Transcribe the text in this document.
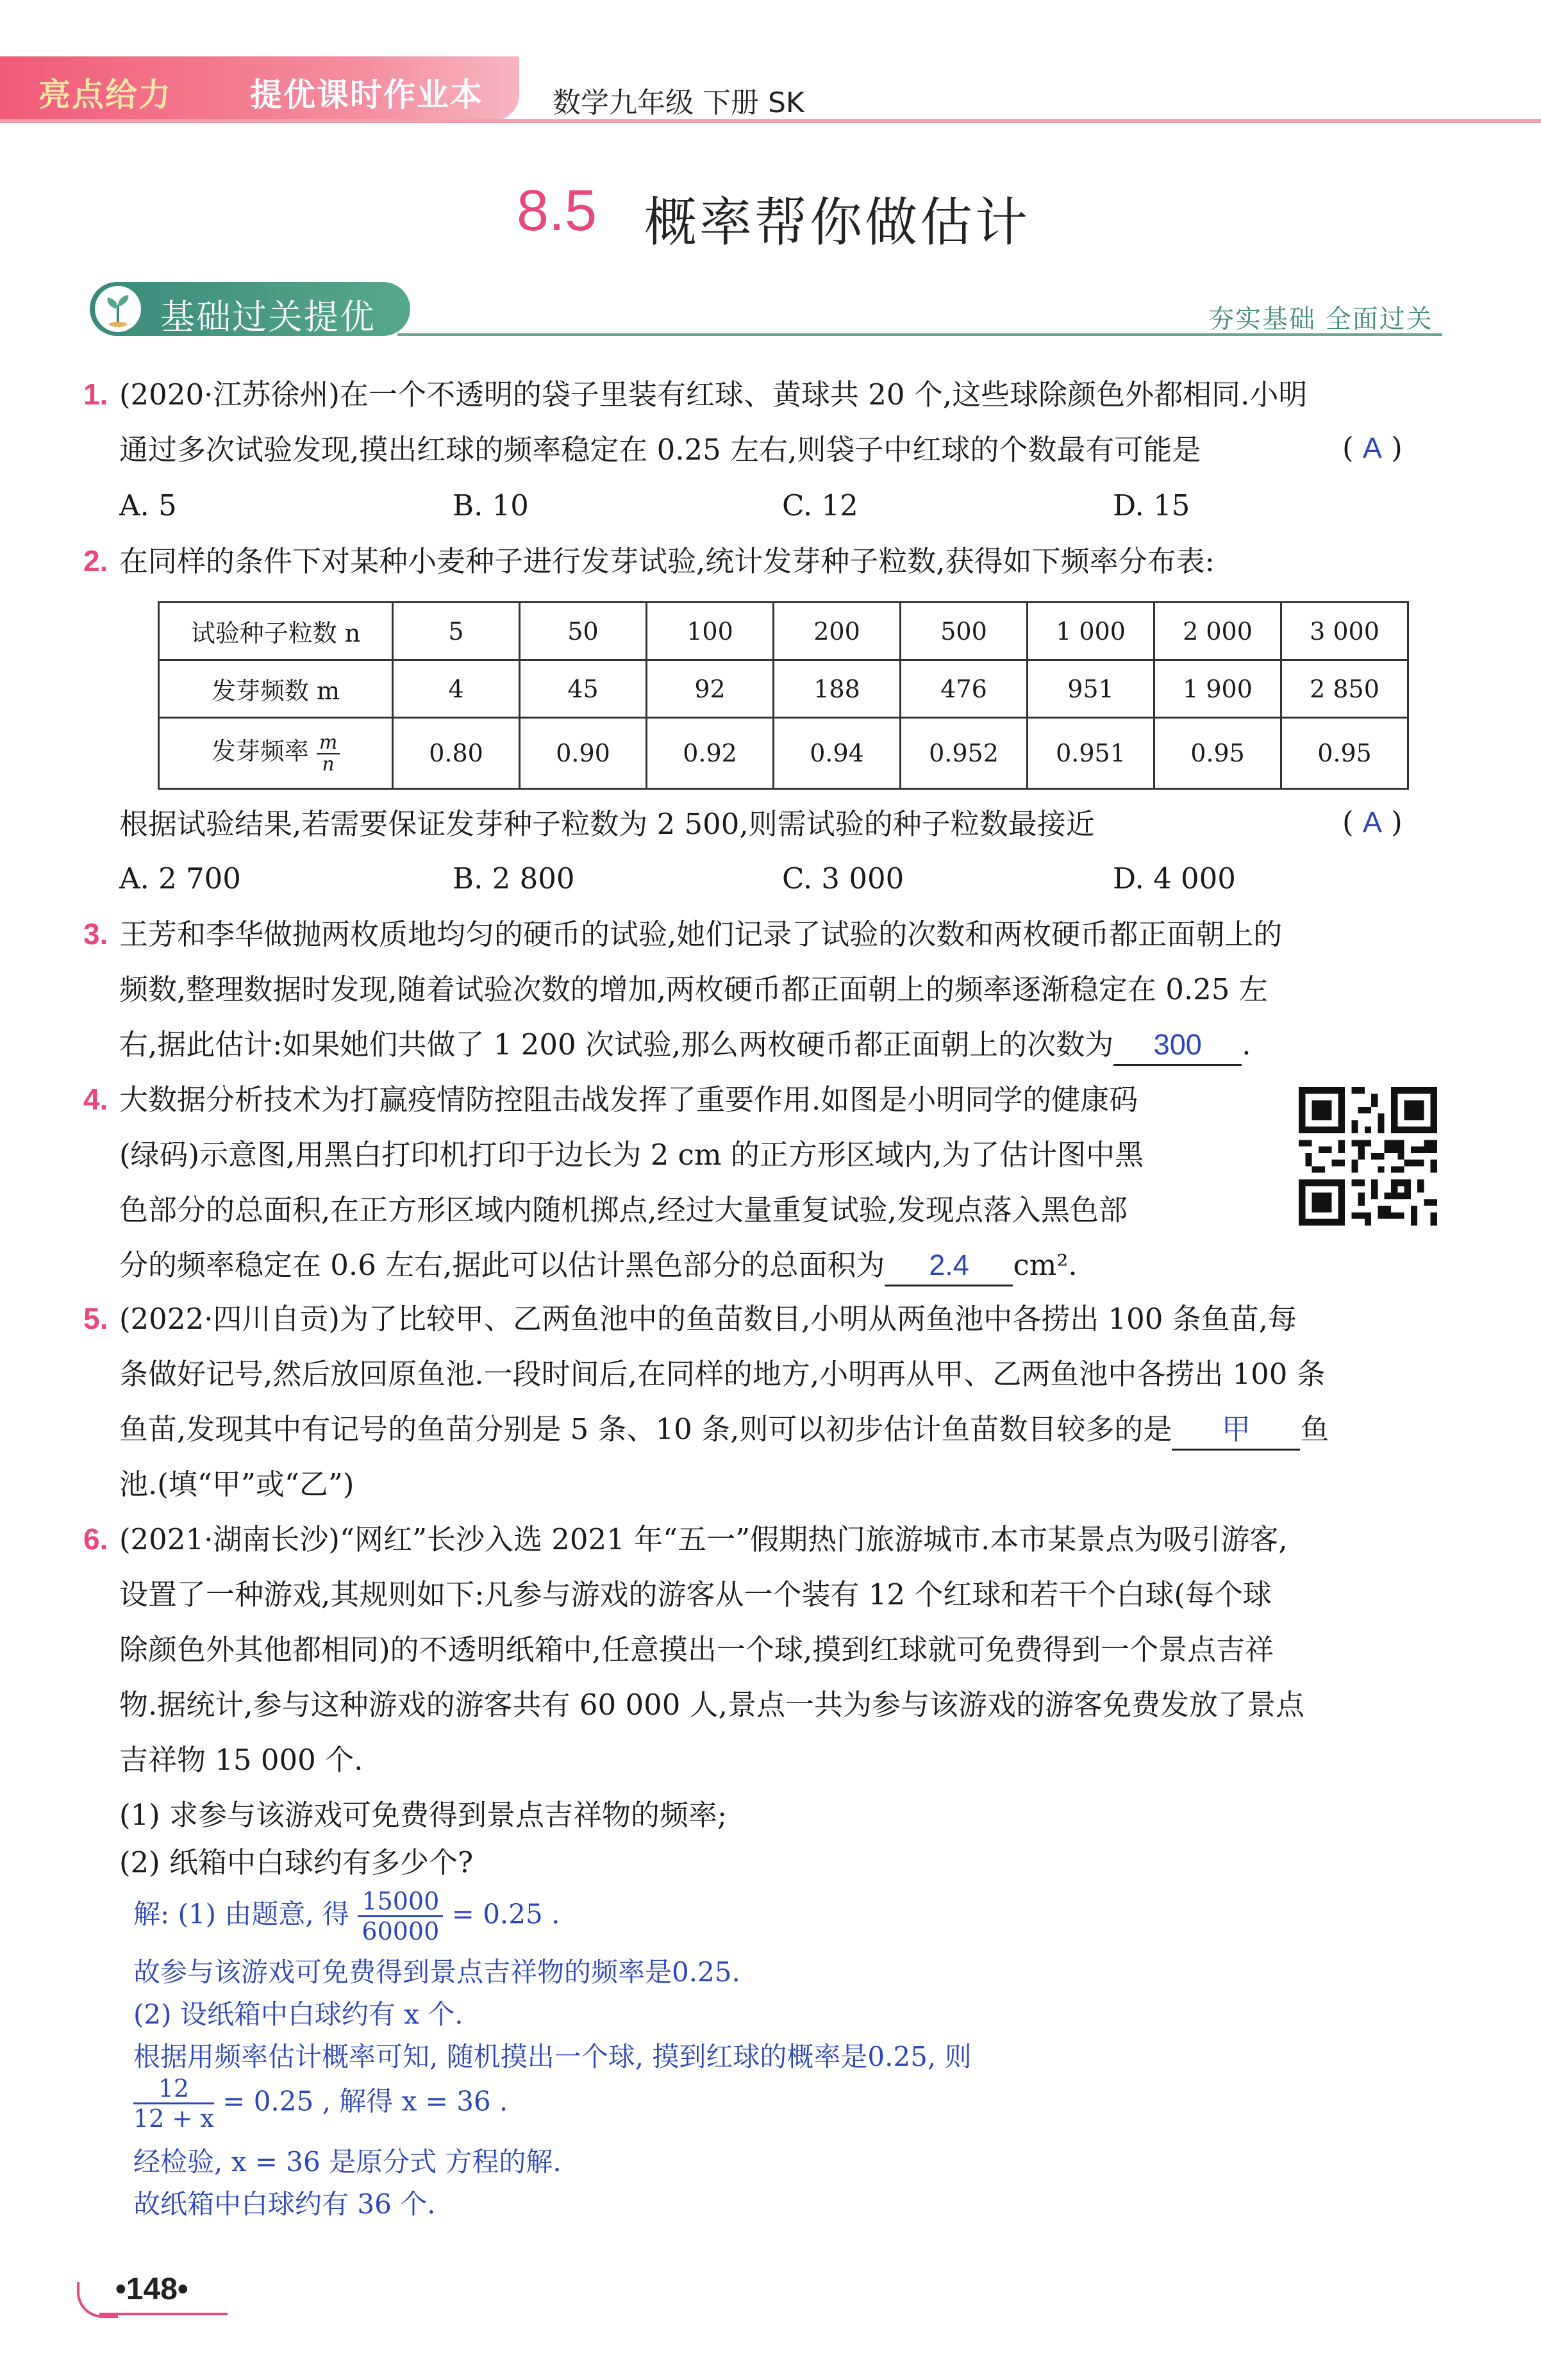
亮点给力 提优课时作业本 数学九年级 下册 SK
8.5 概率帮你做估计
基础过关提优	夯实基础 全面过关
1. (2020·江苏徐州)在一个不透明的袋子里装有红球、黄球共 20 个,这些球除颜色外都相同.小明
通过多次试验发现,摸出红球的频率稳定在 0.25 左右,则袋子中红球的个数最有可能是	( A )
A. 5	B. 10	C. 12	D. 15
2. 在同样的条件下对某种小麦种子进行发芽试验,统计发芽种子粒数,获得如下频率分布表:
试验种子粒数 n	5	50	100	200	500	1 000	2 000	3 000
发芽频数 m	4	45	92	188	476	951	1 900	2 850
发芽频率 $\frac{m}{n}$	0.80	0.90	0.92	0.94	0.952	0.951	0.95	0.95
根据试验结果,若需要保证发芽种子粒数为 2 500,则需试验的种子粒数最接近	( A )
A. 2 700	B. 2 800	C. 3 000	D. 4 000
3. 王芳和李华做抛两枚质地均匀的硬币的试验,她们记录了试验的次数和两枚硬币都正面朝上的
频数,整理数据时发现,随着试验次数的增加,两枚硬币都正面朝上的频率逐渐稳定在 0.25 左
右,据此估计:如果她们共做了 1 200 次试验,那么两枚硬币都正面朝上的次数为 300 .
4. 大数据分析技术为打赢疫情防控阻击战发挥了重要作用.如图是小明同学的健康码
(绿码)示意图,用黑白打印机打印于边长为 2 cm 的正方形区域内,为了估计图中黑
色部分的总面积,在正方形区域内随机掷点,经过大量重复试验,发现点落入黑色部
分的频率稳定在 0.6 左右,据此可以估计黑色部分的总面积为 2.4 cm².
5. (2022·四川自贡)为了比较甲、乙两鱼池中的鱼苗数目,小明从两鱼池中各捞出 100 条鱼苗,每
条做好记号,然后放回原鱼池.一段时间后,在同样的地方,小明再从甲、乙两鱼池中各捞出 100 条
鱼苗,发现其中有记号的鱼苗分别是 5 条、10 条,则可以初步估计鱼苗数目较多的是 甲 鱼
池.(填“甲”或“乙”)
6. (2021·湖南长沙)“网红”长沙入选 2021 年“五一”假期热门旅游城市.本市某景点为吸引游客,
设置了一种游戏,其规则如下:凡参与游戏的游客从一个装有 12 个红球和若干个白球(每个球
除颜色外其他都相同)的不透明纸箱中,任意摸出一个球,摸到红球就可免费得到一个景点吉祥
物.据统计,参与这种游戏的游客共有 60 000 人,景点一共为参与该游戏的游客免费发放了景点
吉祥物 15 000 个.
(1) 求参与该游戏可免费得到景点吉祥物的频率;
(2) 纸箱中白球约有多少个?
解: (1) 由题意, 得 $\frac{15000}{60000} = 0.25$ .
故参与该游戏可免费得到景点吉祥物的频率是0.25.
(2) 设纸箱中白球约有 x 个.
根据用频率估计概率可知, 随机摸出一个球, 摸到红球的概率是0.25, 则
$\frac{12}{12 + x} = 0.25$ , 解得 x = 36 .
经检验, x = 36 是原分式 方程的解.
故纸箱中白球约有 36 个.
•148•
